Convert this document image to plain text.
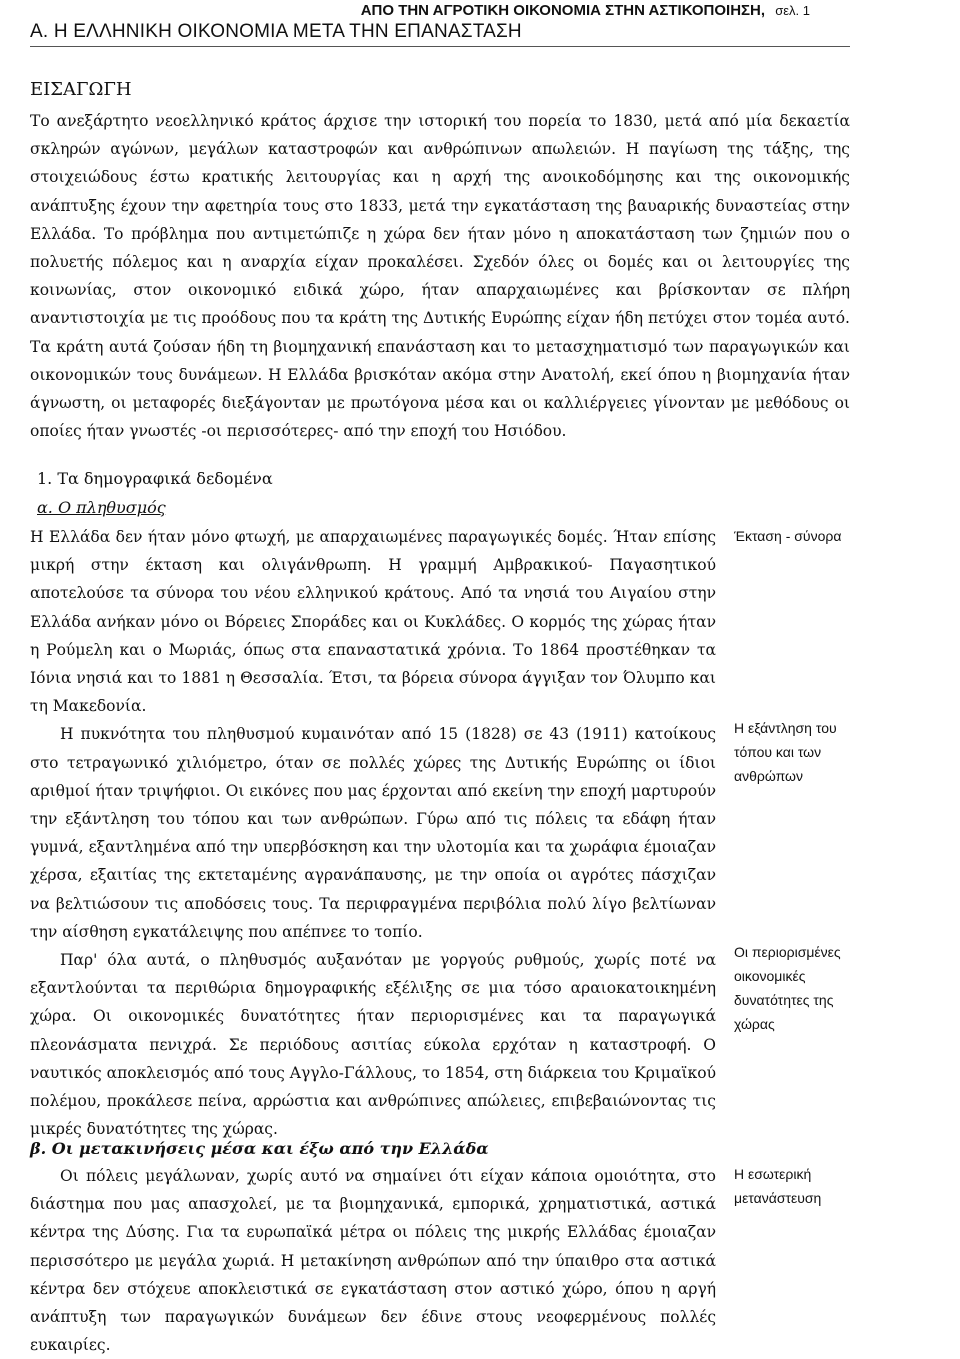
ΑΠΟ ΤΗΝ ΑΓΡΟΤΙΚΗ ΟΙΚΟΝΟΜΙΑ ΣΤΗΝ ΑΣΤΙΚΟΠΟΙΗΣΗ, σελ. 1
Α. Η ΕΛΛΗΝΙΚΗ ΟΙΚΟΝΟΜΙΑ ΜΕΤΑ ΤΗΝ ΕΠΑΝΑΣΤΑΣΗ
ΕΙΣΑΓΩΓΗ

Το ανεξάρτητο νεοελληνικό κράτος άρχισε την ιστορική του πορεία το 1830, μετά από μία δεκαετία σκληρών αγώνων, μεγάλων καταστροφών και ανθρώπινων απωλειών. Η παγίωση της τάξης, της στοιχειώδους έστω κρατικής λειτουργίας και η αρχή της ανοικοδόμησης και της οικονομικής ανάπτυξης έχουν την αφετηρία τους στο 1833, μετά την εγκατάσταση της βαυαρικής δυναστείας στην Ελλάδα. Το πρόβλημα που αντιμετώπιζε η χώρα δεν ήταν μόνο η αποκατάσταση των ζημιών που ο πολυετής πόλεμος και η αναρχία είχαν προκαλέσει. Σχεδόν όλες οι δομές και οι λειτουργίες της κοινωνίας, στον οικονομικό ειδικά χώρο, ήταν απαρχαιωμένες και βρίσκονταν σε πλήρη αναντιστοιχία με τις προόδους που τα κράτη της Δυτικής Ευρώπης είχαν ήδη πετύχει στον τομέα αυτό. Τα κράτη αυτά ζούσαν ήδη τη βιομηχανική επανάσταση και το μετασχηματισμό των παραγωγικών και οικονομικών τους δυνάμεων. Η Ελλάδα βρισκόταν ακόμα στην Ανατολή, εκεί όπου η βιομηχανία ήταν άγνωστη, οι μεταφορές διεξάγονταν με πρωτόγονα μέσα και οι καλλιέργειες γίνονταν με μεθόδους οι οποίες ήταν γνωστές -οι περισσότερες- από την εποχή του Ησιόδου.

1. Τα δημογραφικά δεδομένα
α. Ο πληθυσμός

Η Ελλάδα δεν ήταν μόνο φτωχή, με απαρχαιωμένες παραγωγικές δομές. Ήταν επίσης μικρή στην έκταση και ολιγάνθρωπη. Η γραμμή Αμβρακικού- Παγασητικού αποτελούσε τα σύνορα του νέου ελληνικού κράτους. Από τα νησιά του Αιγαίου στην Ελλάδα ανήκαν μόνο οι Βόρειες Σποράδες και οι Κυκλάδες. Ο κορμός της χώρας ήταν η Ρούμελη και ο Μωριάς, όπως στα επαναστατικά χρόνια. Το 1864 προστέθηκαν τα Ιόνια νησιά και το 1881 η Θεσσαλία. Έτσι, τα βόρεια σύνορα άγγιξαν τον Όλυμπο και τη Μακεδονία.

Η πυκνότητα του πληθυσμού κυμαινόταν από 15 (1828) σε 43 (1911) κατοίκους στο τετραγωνικό χιλιόμετρο, όταν σε πολλές χώρες της Δυτικής Ευρώπης οι ίδιοι αριθμοί ήταν τριψήφιοι. Οι εικόνες που μας έρχονται από εκείνη την εποχή μαρτυρούν την εξάντληση του τόπου και των ανθρώπων. Γύρω από τις πόλεις τα εδάφη ήταν γυμνά, εξαντλημένα από την υπερβόσκηση και την υλοτομία και τα χωράφια έμοιαζαν χέρσα, εξαιτίας της εκτεταμένης αγρανάπαυσης, με την οποία οι αγρότες πάσχιζαν να βελτιώσουν τις αποδόσεις τους. Τα περιφραγμένα περιβόλια πολύ λίγο βελτίωναν την αίσθηση εγκατάλειψης που απέπνεε το τοπίο.

Παρ' όλα αυτά, ο πληθυσμός αυξανόταν με γοργούς ρυθμούς, χωρίς ποτέ να εξαντλούνται τα περιθώρια δημογραφικής εξέλιξης σε μια τόσο αραιοκατοικημένη χώρα. Οι οικονομικές δυνατότητες ήταν περιορισμένες και τα παραγωγικά πλεονάσματα πενιχρά. Σε περιόδους ασιτίας εύκολα ερχόταν η καταστροφή. Ο ναυτικός αποκλεισμός από τους Αγγλο-Γάλλους, το 1854, στη διάρκεια του Κριμαϊκού πολέμου, προκάλεσε πείνα, αρρώστια και ανθρώπινες απώλειες, επιβεβαιώνοντας τις μικρές δυνατότητες της χώρας.

β. Οι μετακινήσεις μέσα και έξω από την Ελλάδα

Οι πόλεις μεγάλωναν, χωρίς αυτό να σημαίνει ότι είχαν κάποια ομοιότητα, στο διάστημα που μας απασχολεί, με τα βιομηχανικά, εμπορικά, χρηματιστικά, αστικά κέντρα της Δύσης. Για τα ευρωπαϊκά μέτρα οι πόλεις της μικρής Ελλάδας έμοιαζαν περισσότερο με μεγάλα χωριά. Η μετακίνηση ανθρώπων από την ύπαιθρο στα αστικά κέντρα δεν στόχευε αποκλειστικά σε εγκατάσταση στον αστικό χώρο, όπου η αργή ανάπτυξη των παραγωγικών δυνάμεων δεν έδινε στους νεοφερμένους πολλές ευκαιρίες.

Έκταση - σύνορα
Η εξάντληση του τόπου και των ανθρώπων
Οι περιορισμένες οικονομικές δυνατότητες της χώρας
Η εσωτερική μετανάστευση
